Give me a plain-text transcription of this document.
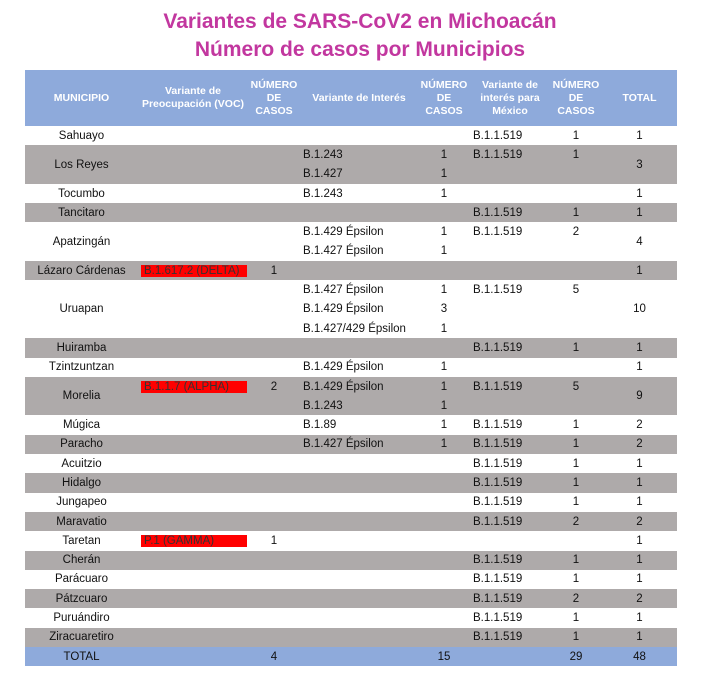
Variantes de SARS-CoV2 en Michoacán
Número de casos por Municipios
MUNICIPIO	Variante de Preocupación (VOC)	NÚMERO DE CASOS	Variante de Interés	NÚMERO DE CASOS	Variante de interés para México	NÚMERO DE CASOS	TOTAL
Sahuayo					B.1.1.519	1	1
Los Reyes			B.1.243	1	B.1.1.519	1	3
			B.1.427	1			
Tocumbo			B.1.243	1			1
Tancitaro					B.1.1.519	1	1
Apatzingán			B.1.429 Épsilon	1	B.1.1.519	2	4
			B.1.427 Épsilon	1			
Lázaro Cárdenas	B.1.617.2 (DELTA)	1					1
Uruapan			B.1.427 Épsilon	1	B.1.1.519	5	10
			B.1.429 Épsilon	3			
			B.1.427/429 Épsilon	1			
Huiramba					B.1.1.519	1	1
Tzintzuntzan			B.1.429 Épsilon	1			1
Morelia	B.1.1.7 (ALPHA)	2	B.1.429 Épsilon	1	B.1.1.519	5	9
			B.1.243	1			
Múgica			B.1.89	1	B.1.1.519	1	2
Paracho			B.1.427 Épsilon	1	B.1.1.519	1	2
Acuitzio					B.1.1.519	1	1
Hidalgo					B.1.1.519	1	1
Jungapeo					B.1.1.519	1	1
Maravatio					B.1.1.519	2	2
Taretan	P.1 (GAMMA)	1					1
Cherán					B.1.1.519	1	1
Parácuaro					B.1.1.519	1	1
Pátzcuaro					B.1.1.519	2	2
Puruándiro					B.1.1.519	1	1
Ziracuaretiro					B.1.1.519	1	1
TOTAL		4		15		29	48
